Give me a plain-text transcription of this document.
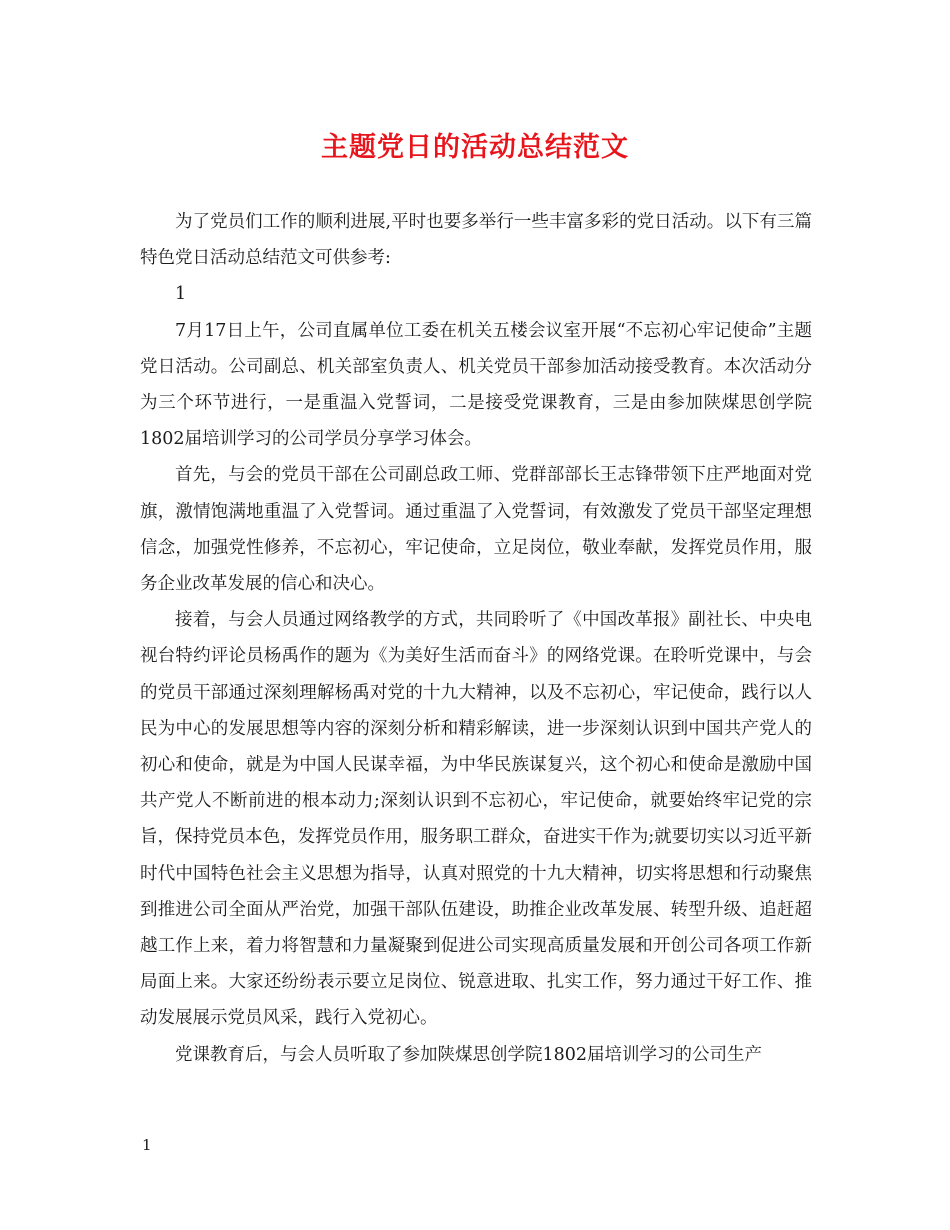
主题党日的活动总结范文

为了党员们工作的顺利进展,平时也要多举行一些丰富多彩的党日活动。以下有三篇特色党日活动总结范文可供参考:

1

7月17日上午，公司直属单位工委在机关五楼会议室开展“不忘初心牢记使命”主题党日活动。公司副总、机关部室负责人、机关党员干部参加活动接受教育。本次活动分为三个环节进行，一是重温入党誓词，二是接受党课教育，三是由参加陕煤思创学院1802届培训学习的公司学员分享学习体会。

首先，与会的党员干部在公司副总政工师、党群部部长王志锋带领下庄严地面对党旗，激情饱满地重温了入党誓词。通过重温了入党誓词，有效激发了党员干部坚定理想信念，加强党性修养，不忘初心，牢记使命，立足岗位，敬业奉献，发挥党员作用，服务企业改革发展的信心和决心。

接着，与会人员通过网络教学的方式，共同聆听了《中国改革报》副社长、中央电视台特约评论员杨禹作的题为《为美好生活而奋斗》的网络党课。在聆听党课中，与会的党员干部通过深刻理解杨禹对党的十九大精神，以及不忘初心，牢记使命，践行以人民为中心的发展思想等内容的深刻分析和精彩解读，进一步深刻认识到中国共产党人的初心和使命，就是为中国人民谋幸福，为中华民族谋复兴，这个初心和使命是激励中国共产党人不断前进的根本动力;深刻认识到不忘初心，牢记使命，就要始终牢记党的宗旨，保持党员本色，发挥党员作用，服务职工群众，奋进实干作为;就要切实以习近平新时代中国特色社会主义思想为指导，认真对照党的十九大精神，切实将思想和行动聚焦到推进公司全面从严治党，加强干部队伍建设，助推企业改革发展、转型升级、追赶超越工作上来，着力将智慧和力量凝聚到促进公司实现高质量发展和开创公司各项工作新局面上来。大家还纷纷表示要立足岗位、锐意进取、扎实工作，努力通过干好工作、推动发展展示党员风采，践行入党初心。

党课教育后，与会人员听取了参加陕煤思创学院1802届培训学习的公司生产

1
